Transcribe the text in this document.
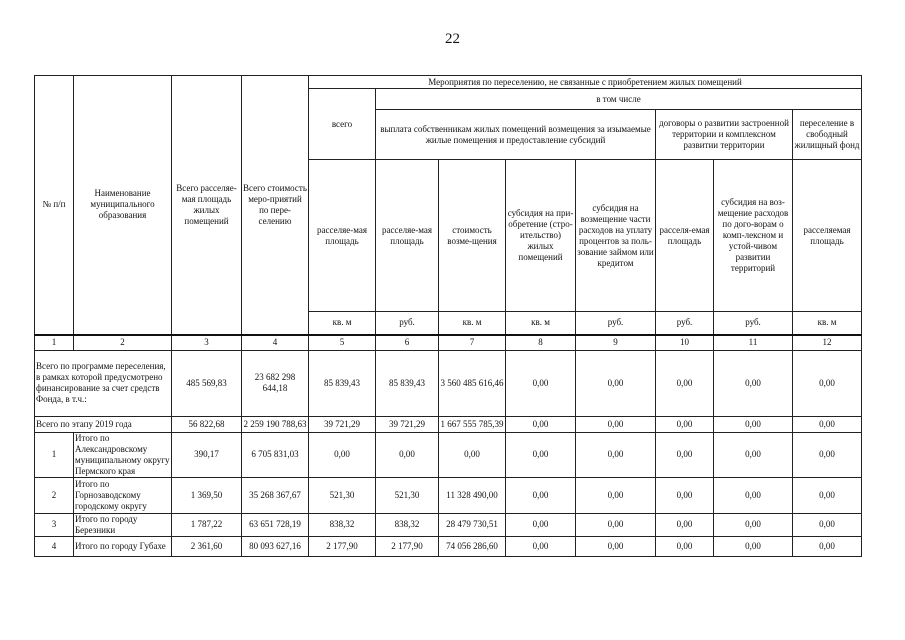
22
№ п/п	Наименование муниципального образования	Всего расселяе-мая площадь жилых помещений	Всего стоимость меро-приятий по пере-селению	Мероприятия по переселению, не связанные с приобретением жилых помещений								
				всего	в том числе							
					выплата собственникам жилых помещений возмещения за изымаемые жилые помещения и предоставление субсидий				договоры о развитии застроенной территории и комплексном развитии территории		переселение в свободный жилищный фонд	
				расселяе-мая площадь	расселяе-мая площадь	стоимость возме-щения	субсидия на при-обретение (стро-ительство) жилых помещений	субсидия на возмещение части расходов на уплату процентов за поль-зование займом или кредитом	расселя-емая площадь	субсидия на воз-мещение расходов по дого-ворам о комп-лексном и устой-чивом развитии территорий	расселяемая площадь	
				кв. м	руб.	кв. м	кв. м	руб.	руб.	руб.	кв. м		
1	2	3	4	5	6	7	8	9	10	11	12	
Всего по программе переселения, в рамках которой предусмотрено финансирование за счет средств Фонда, в т.ч.:		485 569,83	23 682 298 644,18	85 839,43	85 839,43	3 560 485 616,46	0,00	0,00	0,00	0,00	0,00	
Всего по этапу 2019 года		56 822,68	2 259 190 788,63	39 721,29	39 721,29	1 667 555 785,39	0,00	0,00	0,00	0,00	0,00	
1	Итого по Александровскому муниципальному округу Пермского края	390,17	6 705 831,03	0,00	0,00	0,00	0,00	0,00	0,00	0,00	0,00	
2	Итого по Горнозаводскому городскому округу	1 369,50	35 268 367,67	521,30	521,30	11 328 490,00	0,00	0,00	0,00	0,00	0,00	
3	Итого по городу Березники	1 787,22	63 651 728,19	838,32	838,32	28 479 730,51	0,00	0,00	0,00	0,00	0,00	
4	Итого по городу Губахе	2 361,60	80 093 627,16	2 177,90	2 177,90	74 056 286,60	0,00	0,00	0,00	0,00	0,00	
